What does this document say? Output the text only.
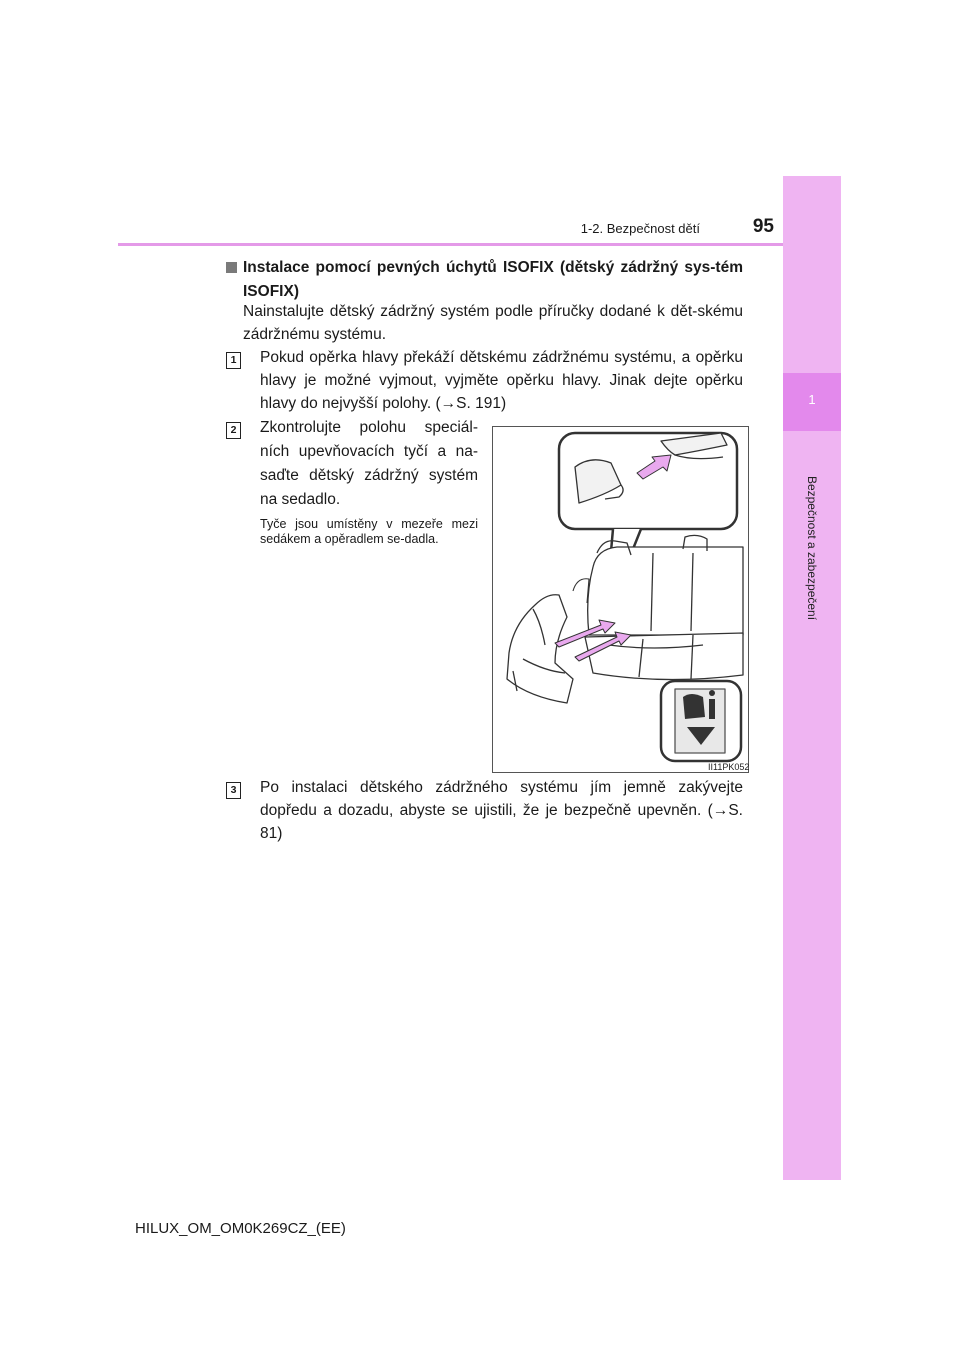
1
Bezpečnost a zabezpečení
1-2. Bezpečnost dětí	95
Instalace pomocí pevných úchytů ISOFIX (dětský zádržný sys-tém ISOFIX)
Nainstalujte dětský zádržný systém podle příručky dodané k dět-skému zádržnému systému.
1 Pokud opěrka hlavy překáží dětskému zádržnému systému, a opěrku hlavy je možné vyjmout, vyjměte opěrku hlavy. Jinak dejte opěrku hlavy do nejvyšší polohy. (→S. 191)
2 Zkontrolujte polohu speciál-ních upevňovacích tyčí a na-saďte dětský zádržný systém na sedadlo.
Tyče jsou umístěny v mezeře mezi sedákem a opěradlem se-dadla.
II11PK052
3 Po instalaci dětského zádržného systému jím jemně zakývejte dopředu a dozadu, abyste se ujistili, že je bezpečně upevněn. (→S. 81)
HILUX_OM_OM0K269CZ_(EE)
